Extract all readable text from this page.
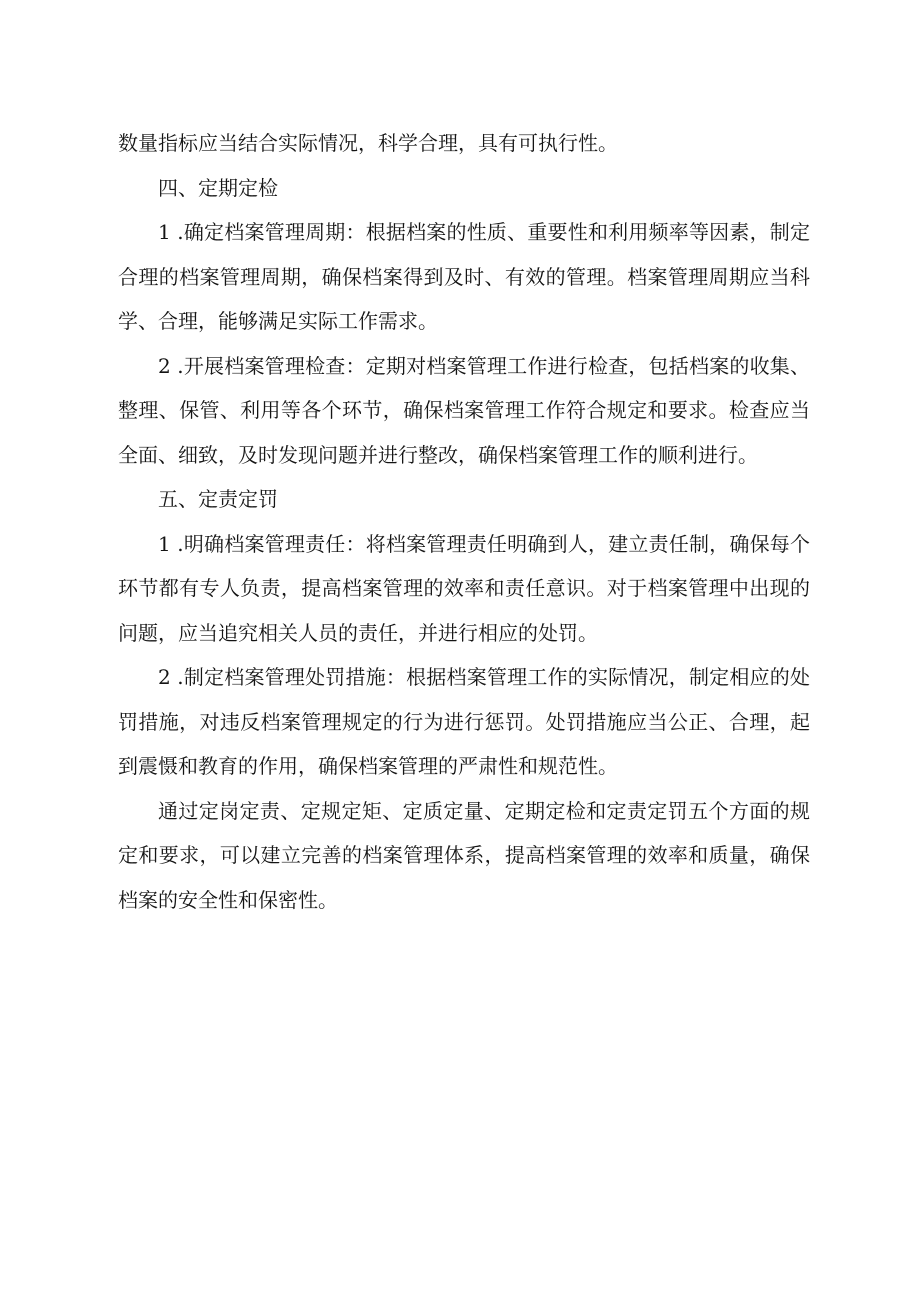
数量指标应当结合实际情况，科学合理，具有可执行性。

四、定期定检

1 .确定档案管理周期：根据档案的性质、重要性和利用频率等因素，制定合理的档案管理周期，确保档案得到及时、有效的管理。档案管理周期应当科学、合理，能够满足实际工作需求。

2 .开展档案管理检查：定期对档案管理工作进行检查，包括档案的收集、整理、保管、利用等各个环节，确保档案管理工作符合规定和要求。检查应当全面、细致，及时发现问题并进行整改，确保档案管理工作的顺利进行。

五、定责定罚

1 .明确档案管理责任：将档案管理责任明确到人，建立责任制，确保每个环节都有专人负责，提高档案管理的效率和责任意识。对于档案管理中出现的问题，应当追究相关人员的责任，并进行相应的处罚。

2 .制定档案管理处罚措施：根据档案管理工作的实际情况，制定相应的处罚措施，对违反档案管理规定的行为进行惩罚。处罚措施应当公正、合理，起到震慑和教育的作用，确保档案管理的严肃性和规范性。

通过定岗定责、定规定矩、定质定量、定期定检和定责定罚五个方面的规定和要求，可以建立完善的档案管理体系，提高档案管理的效率和质量，确保档案的安全性和保密性。
